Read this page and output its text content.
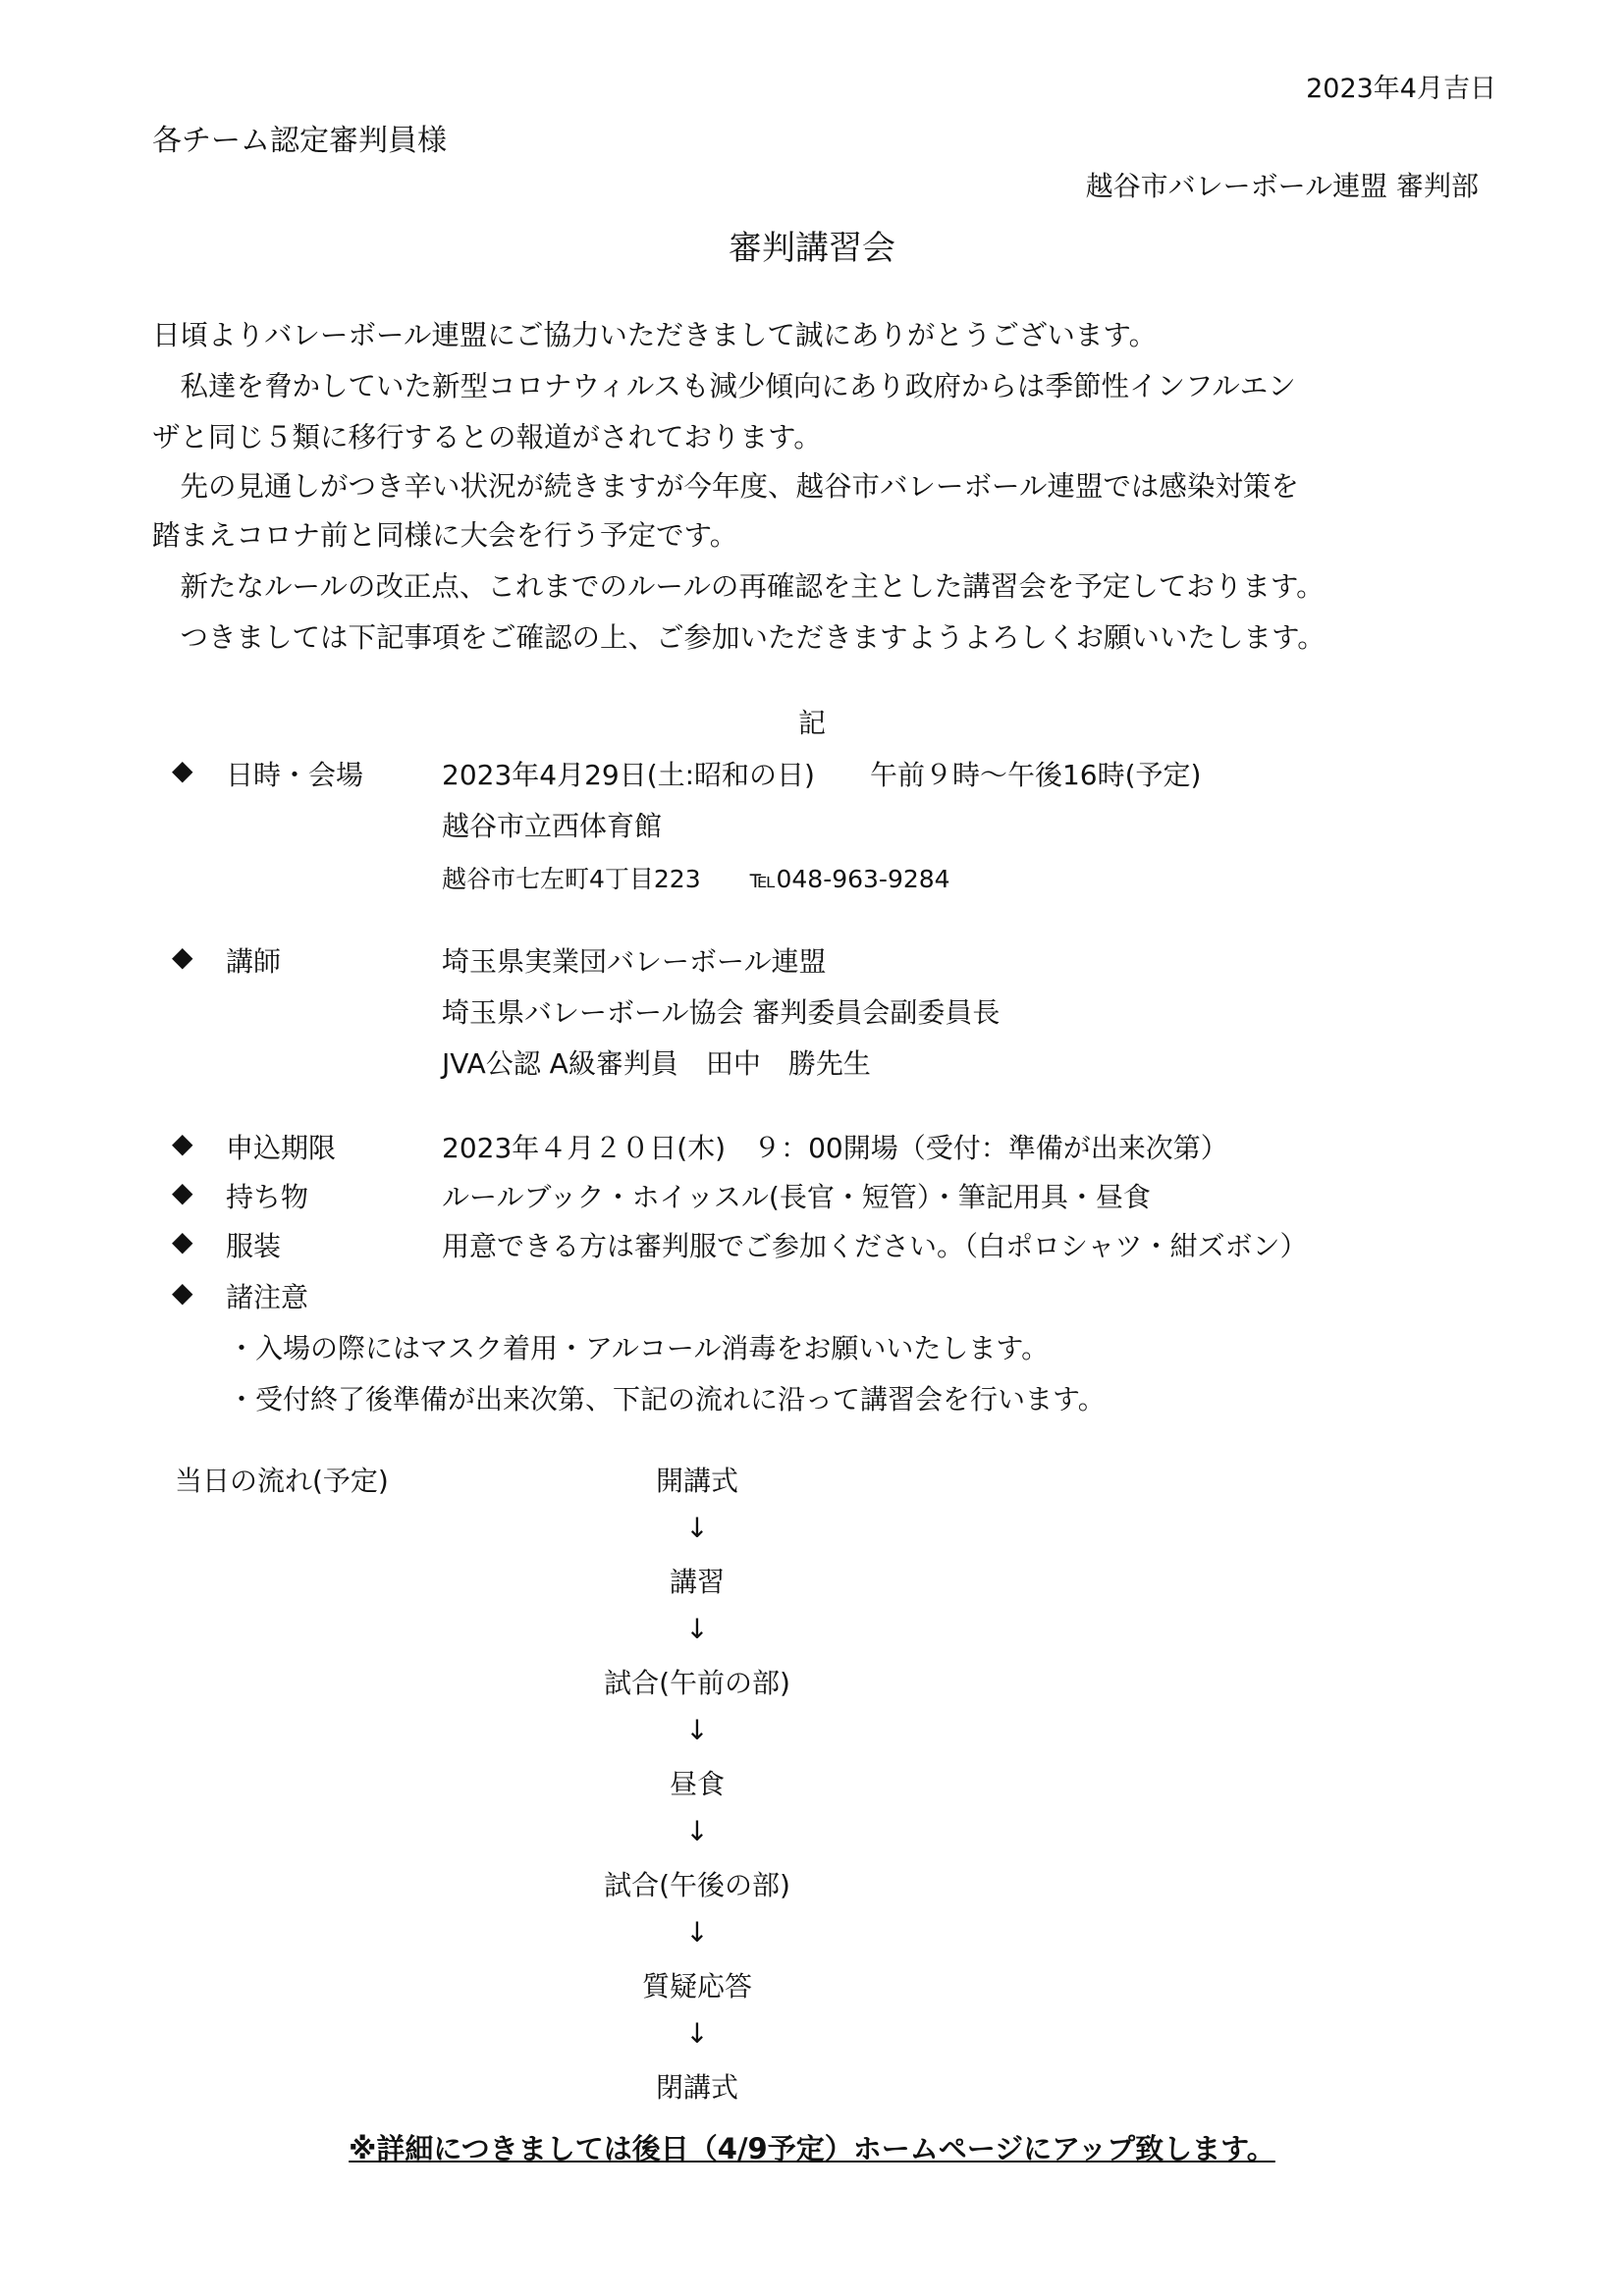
2023年4月吉日
各チーム認定審判員様
越谷市バレーボール連盟 審判部
審判講習会
日頃よりバレーボール連盟にご協力いただきまして誠にありがとうございます。
　私達を脅かしていた新型コロナウィルスも減少傾向にあり政府からは季節性インフルエン
ザと同じ５類に移行するとの報道がされております。
　先の見通しがつき辛い状況が続きますが今年度、越谷市バレーボール連盟では感染対策を
踏まえコロナ前と同様に大会を行う予定です。
　新たなルールの改正点、これまでのルールの再確認を主とした講習会を予定しております。
　つきましては下記事項をご確認の上、ご参加いただきますようよろしくお願いいたします。
記
◆ 日時・会場	2023年4月29日(土:昭和の日)　　午前９時～午後16時(予定)
越谷市立西体育館
越谷市七左町4丁目223　　℡048-963-9284
◆ 講師	埼玉県実業団バレーボール連盟
埼玉県バレーボール協会 審判委員会副委員長
JVA公認 A級審判員　田中　勝先生
◆ 申込期限	2023年４月２０日(木)　９：00開場（受付：準備が出来次第）
◆ 持ち物	ルールブック・ホイッスル(長官・短管）・筆記用具・昼食
◆ 服装	用意できる方は審判服でご参加ください。（白ポロシャツ・紺ズボン）
◆ 諸注意
・入場の際にはマスク着用・アルコール消毒をお願いいたします。
・受付終了後準備が出来次第、下記の流れに沿って講習会を行います。
当日の流れ(予定)	開講式
↓
講習
↓
試合(午前の部)
↓
昼食
↓
試合(午後の部)
↓
質疑応答
↓
閉講式
※詳細につきましては後日（4/9予定）ホームページにアップ致します。
